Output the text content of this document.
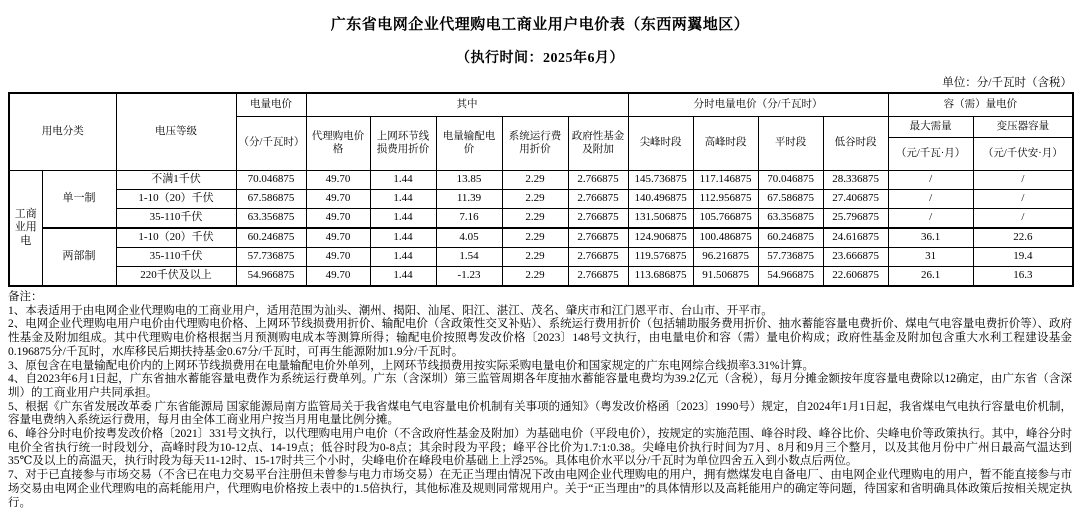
广东省电网企业代理购电工商业用户电价表（东西两翼地区）
（执行时间：2025年6月）
单位：分/千瓦时（含税）
用电分类		电压等级	电量电价	其中					分时电量电价（分/千瓦时）				容（需）量电价	
			（分/千瓦时）	代理购电价格	上网环节线损费用折价	电量输配电价	系统运行费用折价	政府性基金及附加	尖峰时段	高峰时段	平时段	低谷时段	最大需量	变压器容量
													（元/千瓦·月）	（元/千伏安·月）
工商业用电	单一制	不满1千伏	70.046875	49.70	1.44	13.85	2.29	2.766875	145.736875	117.146875	70.046875	28.336875	/	/
		1-10（20）千伏	67.586875	49.70	1.44	11.39	2.29	2.766875	140.496875	112.956875	67.586875	27.406875	/	/
		35-110千伏	63.356875	49.70	1.44	7.16	2.29	2.766875	131.506875	105.766875	63.356875	25.796875	/	/
	两部制	1-10（20）千伏	60.246875	49.70	1.44	4.05	2.29	2.766875	124.906875	100.486875	60.246875	24.616875	36.1	22.6
		35-110千伏	57.736875	49.70	1.44	1.54	2.29	2.766875	119.576875	96.216875	57.736875	23.666875	31	19.4
		220千伏及以上	54.966875	49.70	1.44	-1.23	2.29	2.766875	113.686875	91.506875	54.966875	22.606875	26.1	16.3

备注：

1、本表适用于由电网企业代理购电的工商业用户，适用范围为汕头、潮州、揭阳、汕尾、阳江、湛江、茂名、肇庆市和江门恩平市、台山市、开平市。

2、电网企业代理购电用户电价由代理购电价格、上网环节线损费用折价、输配电价（含政策性交叉补贴）、系统运行费用折价（包括辅助服务费用折价、抽水蓄能容量电费折价、煤电气电容量电费折价等）、政府性基金及附加组成。其中代理购电价格根据当月预测购电成本等测算所得；输配电价按照粤发改价格〔2023〕148号文执行，由电量电价和容（需）量电价构成；政府性基金及附加包含重大水利工程建设基金0.196875分/千瓦时，水库移民后期扶持基金0.67分/千瓦时，可再生能源附加1.9分/千瓦时。

3、原包含在电量输配电价内的上网环节线损费用在电量输配电价外单列，上网环节线损费用按实际采购电量电价和国家规定的广东电网综合线损率3.31%计算。

4、自2023年6月1日起，广东省抽水蓄能容量电费作为系统运行费单列。广东（含深圳）第三监管周期各年度抽水蓄能容量电费均为39.2亿元（含税），每月分摊金额按年度容量电费除以12确定，由广东省（含深圳）的工商业用户共同承担。

5、根据《广东省发展改革委 广东省能源局 国家能源局南方监管局关于我省煤电气电容量电价机制有关事项的通知》（粤发改价格函〔2023〕1990号）规定，自2024年1月1日起，我省煤电气电执行容量电价机制，容量电费纳入系统运行费用，每月由全体工商业用户按当月用电量比例分摊。

6、峰谷分时电价按粤发改价格〔2021〕331号文执行，以代理购电用户电价（不含政府性基金及附加）为基础电价（平段电价），按规定的实施范围、峰谷时段、峰谷比价、尖峰电价等政策执行。其中，峰谷分时电价全省执行统一时段划分，高峰时段为10-12点、14-19点；低谷时段为0-8点；其余时段为平段；峰平谷比价为1.7:1:0.38。尖峰电价执行时间为7月、8月和9月三个整月，以及其他月份中广州日最高气温达到35℃及以上的高温天，执行时段为每天11-12时、15-17时共三个小时，尖峰电价在峰段电价基础上上浮25%。具体电价水平以分/千瓦时为单位四舍五入到小数点后两位。

7、对于已直接参与市场交易（不含已在电力交易平台注册但未曾参与电力市场交易）在无正当理由情况下改由电网企业代理购电的用户，拥有燃煤发电自备电厂、由电网企业代理购电的用户，暂不能直接参与市场交易由电网企业代理购电的高耗能用户，代理购电价格按上表中的1.5倍执行，其他标准及规则同常规用户。关于“正当理由”的具体情形以及高耗能用户的确定等问题，待国家和省明确具体政策后按相关规定执行。
